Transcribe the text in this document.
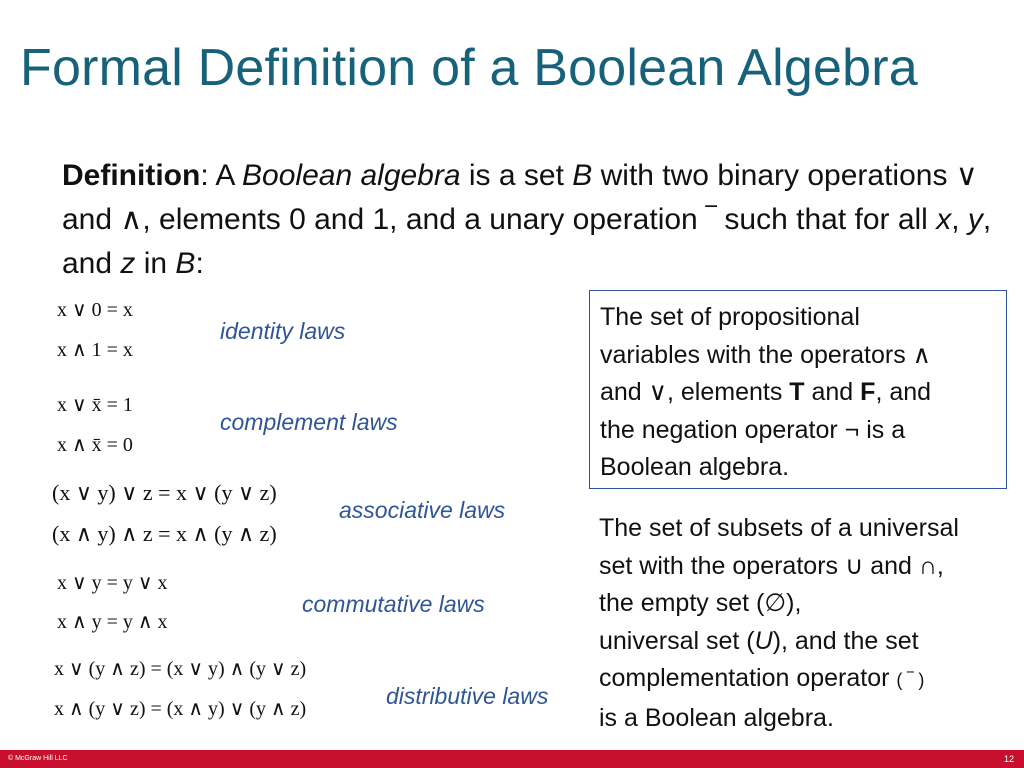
Formal Definition of a Boolean Algebra
Definition: A Boolean algebra is a set B with two binary operations ∨ and ∧, elements 0 and 1, and a unary operation ‾ such that for all x, y, and z in B:
x ∨ 0 = x
x ∧ 1 = x
identity laws
x ∨ x̄ = 1
x ∧ x̄ = 0
complement laws
(x ∨ y) ∨ z = x ∨ (y ∨ z)
(x ∧ y) ∧ z = x ∧ (y ∧ z)
associative laws
x ∨ y = y ∨ x
x ∧ y = y ∧ x
commutative laws
x ∨ (y ∧ z) = (x ∨ y) ∧ (y ∨ z)
x ∧ (y ∨ z) = (x ∧ y) ∨ (y ∧ z)	distributive laws
The set of propositional
variables with the operators ∧
and ∨, elements T and F, and
the negation operator ¬ is a
Boolean algebra.
The set of subsets of a universal
set with the operators ∪ and ∩,
the empty set (∅),
universal set (U), and the set
complementation operator ( ‾ )
is a Boolean algebra.
© McGraw Hill LLC	12
